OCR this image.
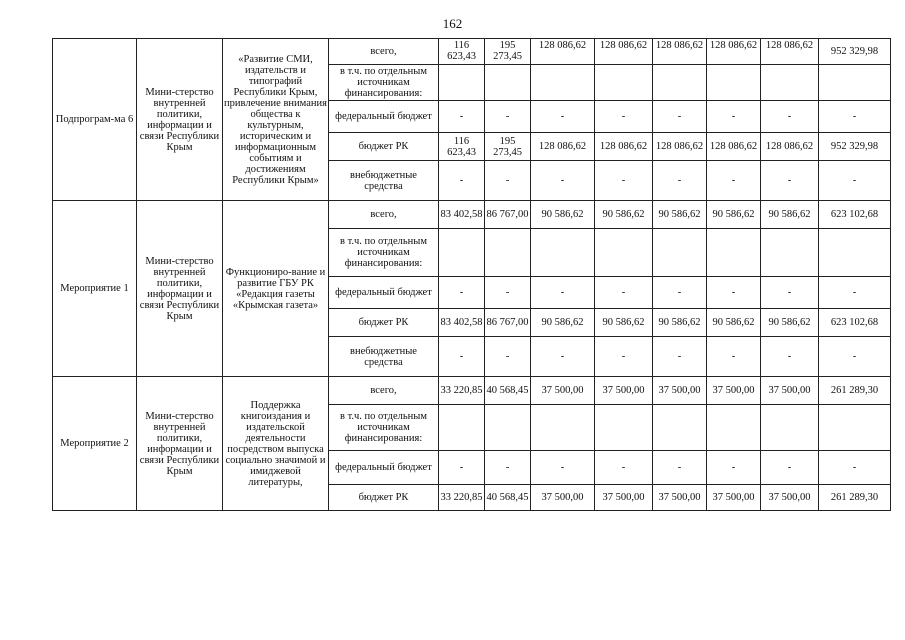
162
Подпрограм-ма 6	Мини-стерство внутренней политики, информации и связи Республики Крым	«Развитие СМИ, издательств и типографий Республики Крым, привлечение внимания общества к культурным, историческим и информационным событиям и достижениям Республики Крым»	всего,	116 623,43	195 273,45	128 086,62	128 086,62	128 086,62	128 086,62	128 086,62	952 329,98
			в т.ч. по отдельным источникам финансирования:								
			федеральный бюджет	-	-	-	-	-	-	-	-
			бюджет РК	116 623,43	195 273,45	128 086,62	128 086,62	128 086,62	128 086,62	128 086,62	952 329,98
			внебюджетные средства	-	-	-	-	-	-	-	-
Мероприятие 1	Мини-стерство внутренней политики, информации и связи Республики Крым	Функциониро-вание и развитие ГБУ РК «Редакция газеты «Крымская газета»	всего,	83 402,58	86 767,00	90 586,62	90 586,62	90 586,62	90 586,62	90 586,62	623 102,68
			в т.ч. по отдельным источникам финансирования:								
			федеральный бюджет	-	-	-	-	-	-	-	-
			бюджет РК	83 402,58	86 767,00	90 586,62	90 586,62	90 586,62	90 586,62	90 586,62	623 102,68
			внебюджетные средства	-	-	-	-	-	-	-	-
Мероприятие 2	Мини-стерство внутренней политики, информации и связи Республики Крым	Поддержка книгоиздания и издательской деятельности посредством выпуска социально значимой и имиджевой литературы,	всего,	33 220,85	40 568,45	37 500,00	37 500,00	37 500,00	37 500,00	37 500,00	261 289,30
			в т.ч. по отдельным источникам финансирования:								
			федеральный бюджет	-	-	-	-	-	-	-	-
			бюджет РК	33 220,85	40 568,45	37 500,00	37 500,00	37 500,00	37 500,00	37 500,00	261 289,30
